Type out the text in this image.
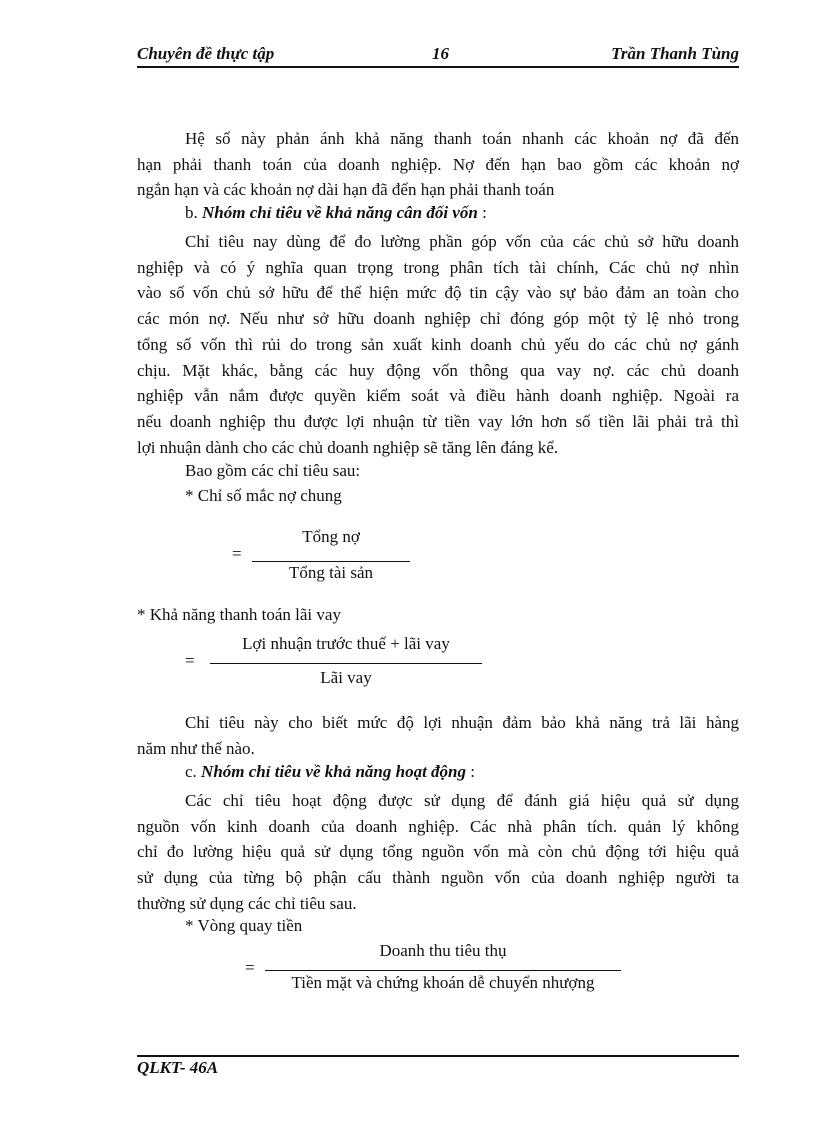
Chuyên đề thực tập	16	Trần Thanh Tùng
Hệ số này phản ánh khả năng thanh toán nhanh các khoản nợ đã đến
hạn phải thanh toán của doanh nghiệp. Nợ đến hạn bao gồm các khoản nợ
ngắn hạn và các khoản nợ dài hạn đã đến hạn phải thanh toán
b. Nhóm chỉ tiêu về khả năng cân đối vốn :
Chỉ tiêu nay dùng để đo lường phần góp vốn của các chủ sở hữu doanh
nghiệp và có ý nghĩa quan trọng trong phân tích tài chính, Các chủ nợ nhìn
vào số vốn chủ sở hữu để thể hiện mức độ tin cậy vào sự bảo đảm an toàn cho
các món nợ. Nếu như sở hữu doanh nghiệp chỉ đóng góp một tỷ lệ nhỏ trong
tổng số vốn thì rủi do trong sản xuất kinh doanh chủ yếu do các chủ nợ gánh
chịu. Mặt khác, bằng các huy động vốn thông qua vay nợ. các chủ doanh
nghiệp vẫn nắm được quyền kiểm soát và điều hành doanh nghiệp. Ngoài ra
nếu doanh nghiệp thu được lợi nhuận từ tiền vay lớn hơn số tiền lãi phải trả thì
lợi nhuận dành cho các chủ doanh nghiệp sẽ tăng lên đáng kể.
Bao gồm các chỉ tiêu sau:
* Chỉ số mắc nợ chung
=
Tổng nợ
Tổng tài sản
* Khả năng thanh toán lãi vay
=
Lợi nhuận trước thuế + lãi vay
Lãi vay
Chỉ tiêu này cho biết mức độ lợi nhuận đảm bảo khả năng trả lãi hàng
năm như thế nào.
c. Nhóm chỉ tiêu về khả năng hoạt động :
Các chỉ tiêu hoạt động được sử dụng để đánh giá hiệu quả sử dụng
nguồn vốn kinh doanh của doanh nghiệp. Các nhà phân tích. quản lý không
chỉ đo lường hiệu quả sử dụng tổng nguồn vốn mà còn chủ động tới hiệu quả
sử dụng của từng bộ phận cấu thành nguồn vốn của doanh nghiệp người ta
thường sử dụng các chỉ tiêu sau.
* Vòng quay tiền
=
Doanh thu tiêu thụ
Tiền mặt và chứng khoán dễ chuyển nhượng
QLKT- 46A
